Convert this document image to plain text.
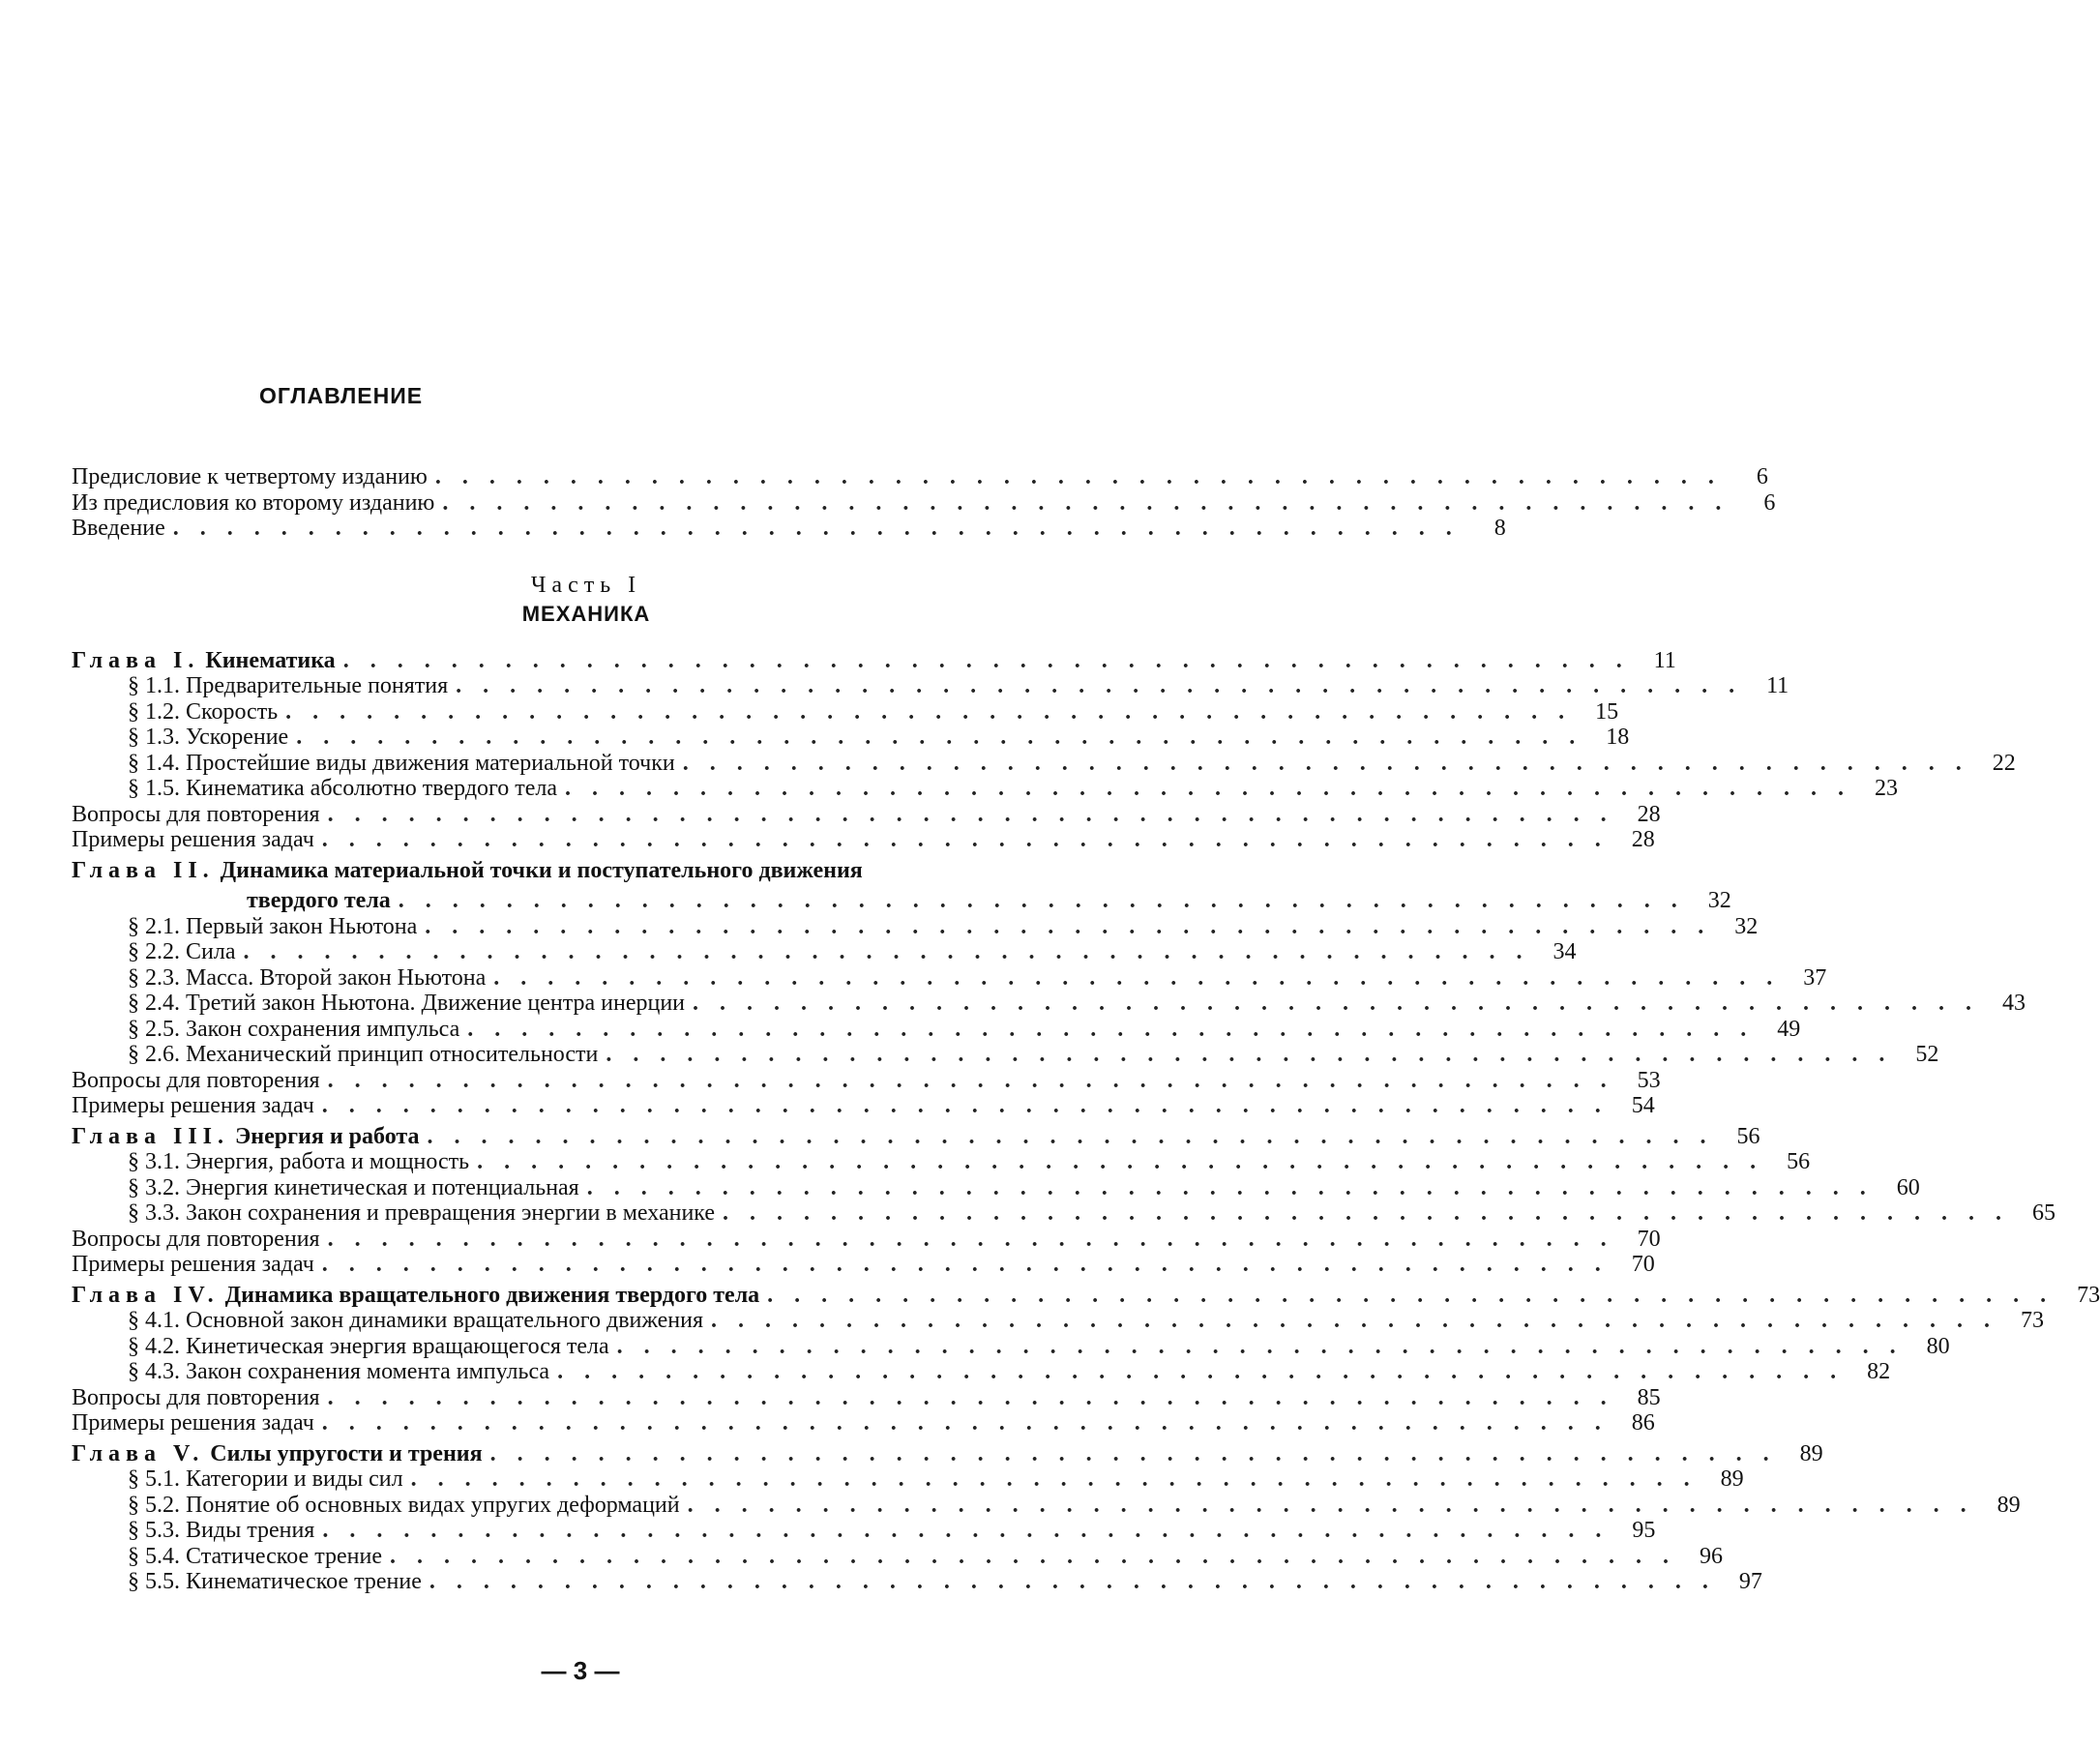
ОГЛАВЛЕНИЕ
Предисловие к четвертому изданию . . . . . . . . . . . . . . . . . . . . . . . . . . . . . . . . . . . . . . . . . . . . . . . .	6
Из предисловия ко второму изданию . . . . . . . . . . . . . . . . . . . . . . . . . . . . . . . . . . . . . . . . . . . . . . . .	6
Введение . . . . . . . . . . . . . . . . . . . . . . . . . . . . . . . . . . . . . . . . . . . . . . . .	8
Часть I
МЕХАНИКА
Глава I. Кинематика . . . . . . . . . . . . . . . . . . . . . . . . . . . . . . . . . . . . . . . . . . . . . . . .	11
§ 1.1. Предварительные понятия . . . . . . . . . . . . . . . . . . . . . . . . . . . . . . . . . . . . . . . . . . . . . . . .	11
§ 1.2. Скорость . . . . . . . . . . . . . . . . . . . . . . . . . . . . . . . . . . . . . . . . . . . . . . . .	15
§ 1.3. Ускорение . . . . . . . . . . . . . . . . . . . . . . . . . . . . . . . . . . . . . . . . . . . . . . . .	18
§ 1.4. Простейшие виды движения материальной точки . . . . . . . . . . . . . . . . . . . . . . . . . . . . . . . . . . . . . . . . . . . . . . . .	22
§ 1.5. Кинематика абсолютно твердого тела . . . . . . . . . . . . . . . . . . . . . . . . . . . . . . . . . . . . . . . . . . . . . . . .	23
Вопросы для повторения . . . . . . . . . . . . . . . . . . . . . . . . . . . . . . . . . . . . . . . . . . . . . . . .	28
Примеры решения задач . . . . . . . . . . . . . . . . . . . . . . . . . . . . . . . . . . . . . . . . . . . . . . . .	28
Глава II. Динамика материальной точки и поступательного движения
твердого тела . . . . . . . . . . . . . . . . . . . . . . . . . . . . . . . . . . . . . . . . . . . . . . . .	32
§ 2.1. Первый закон Ньютона . . . . . . . . . . . . . . . . . . . . . . . . . . . . . . . . . . . . . . . . . . . . . . . .	32
§ 2.2. Сила . . . . . . . . . . . . . . . . . . . . . . . . . . . . . . . . . . . . . . . . . . . . . . . .	34
§ 2.3. Масса. Второй закон Ньютона . . . . . . . . . . . . . . . . . . . . . . . . . . . . . . . . . . . . . . . . . . . . . . . .	37
§ 2.4. Третий закон Ньютона. Движение центра инерции . . . . . . . . . . . . . . . . . . . . . . . . . . . . . . . . . . . . . . . . . . . . . . . .	43
§ 2.5. Закон сохранения импульса . . . . . . . . . . . . . . . . . . . . . . . . . . . . . . . . . . . . . . . . . . . . . . . .	49
§ 2.6. Механический принцип относительности . . . . . . . . . . . . . . . . . . . . . . . . . . . . . . . . . . . . . . . . . . . . . . . .	52
Вопросы для повторения . . . . . . . . . . . . . . . . . . . . . . . . . . . . . . . . . . . . . . . . . . . . . . . .	53
Примеры решения задач . . . . . . . . . . . . . . . . . . . . . . . . . . . . . . . . . . . . . . . . . . . . . . . .	54
Глава III. Энергия и работа . . . . . . . . . . . . . . . . . . . . . . . . . . . . . . . . . . . . . . . . . . . . . . . .	56
§ 3.1. Энергия, работа и мощность . . . . . . . . . . . . . . . . . . . . . . . . . . . . . . . . . . . . . . . . . . . . . . . .	56
§ 3.2. Энергия кинетическая и потенциальная . . . . . . . . . . . . . . . . . . . . . . . . . . . . . . . . . . . . . . . . . . . . . . . .	60
§ 3.3. Закон сохранения и превращения энергии в механике . . . . . . . . . . . . . . . . . . . . . . . . . . . . . . . . . . . . . . . . . . . . . . . .	65
Вопросы для повторения . . . . . . . . . . . . . . . . . . . . . . . . . . . . . . . . . . . . . . . . . . . . . . . .	70
Примеры решения задач . . . . . . . . . . . . . . . . . . . . . . . . . . . . . . . . . . . . . . . . . . . . . . . .	70
Глава IV. Динамика вращательного движения твердого тела . . . . . . . . . . . . . . . . . . . . . . . . . . . . . . . . . . . . . . . . . . . . . . . .	73
§ 4.1. Основной закон динамики вращательного движения . . . . . . . . . . . . . . . . . . . . . . . . . . . . . . . . . . . . . . . . . . . . . . . .	73
§ 4.2. Кинетическая энергия вращающегося тела . . . . . . . . . . . . . . . . . . . . . . . . . . . . . . . . . . . . . . . . . . . . . . . .	80
§ 4.3. Закон сохранения момента импульса . . . . . . . . . . . . . . . . . . . . . . . . . . . . . . . . . . . . . . . . . . . . . . . .	82
Вопросы для повторения . . . . . . . . . . . . . . . . . . . . . . . . . . . . . . . . . . . . . . . . . . . . . . . .	85
Примеры решения задач . . . . . . . . . . . . . . . . . . . . . . . . . . . . . . . . . . . . . . . . . . . . . . . .	86
Глава V. Силы упругости и трения . . . . . . . . . . . . . . . . . . . . . . . . . . . . . . . . . . . . . . . . . . . . . . . .	89
§ 5.1. Категории и виды сил . . . . . . . . . . . . . . . . . . . . . . . . . . . . . . . . . . . . . . . . . . . . . . . .	89
§ 5.2. Понятие об основных видах упругих деформаций . . . . . . . . . . . . . . . . . . . . . . . . . . . . . . . . . . . . . . . . . . . . . . . .	89
§ 5.3. Виды трения . . . . . . . . . . . . . . . . . . . . . . . . . . . . . . . . . . . . . . . . . . . . . . . .	95
§ 5.4. Статическое трение . . . . . . . . . . . . . . . . . . . . . . . . . . . . . . . . . . . . . . . . . . . . . . . .	96
§ 5.5. Кинематическое трение . . . . . . . . . . . . . . . . . . . . . . . . . . . . . . . . . . . . . . . . . . . . . . . .	97
— 3 —
